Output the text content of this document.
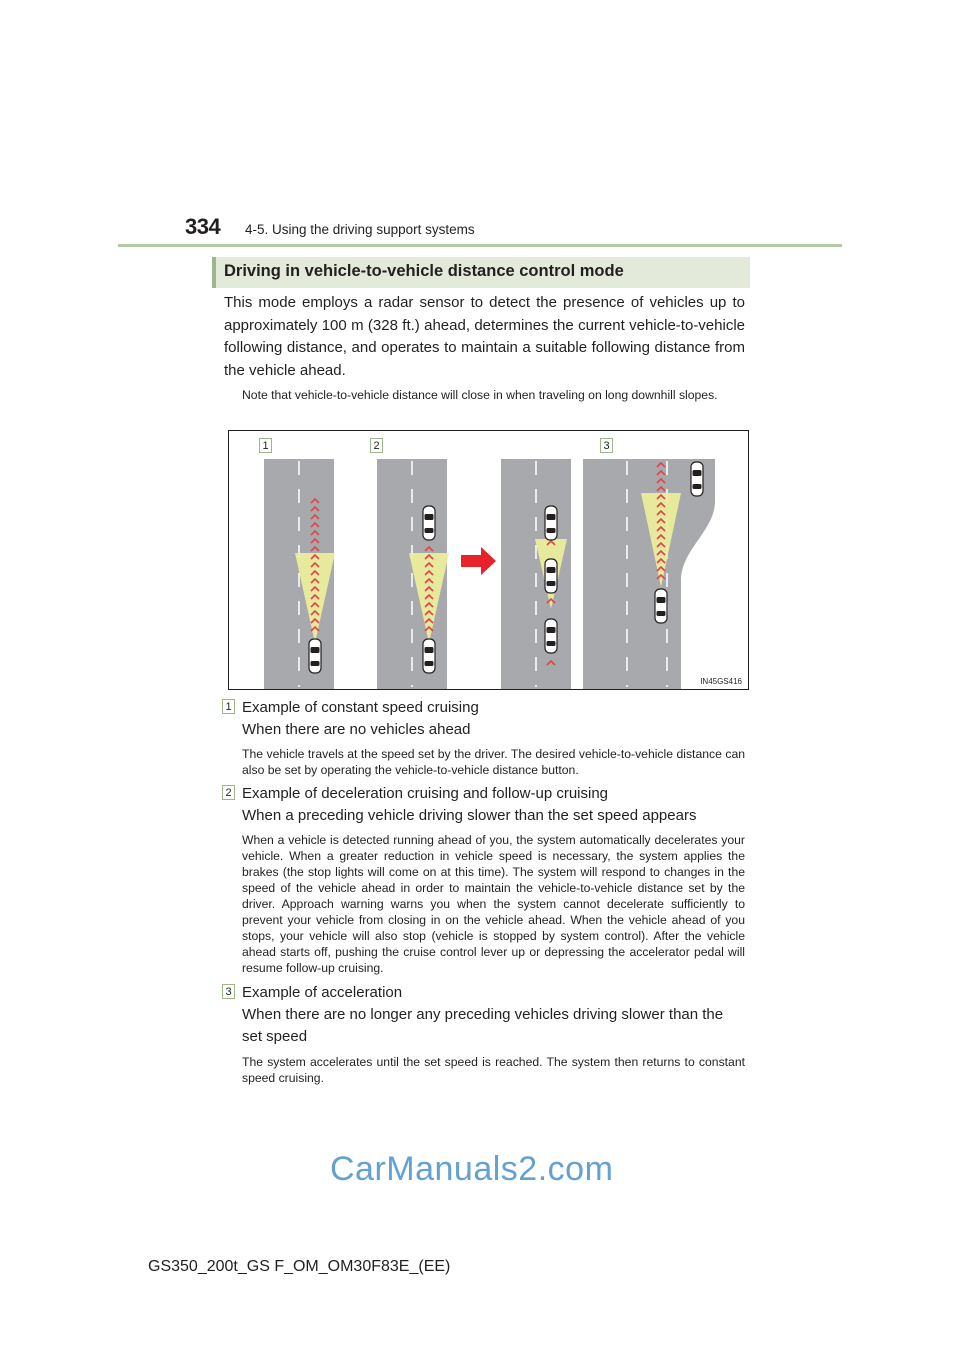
334 4-5. Using the driving support systems
Driving in vehicle-to-vehicle distance control mode
This mode employs a radar sensor to detect the presence of vehicles up to approximately 100 m (328 ft.) ahead, determines the current vehicle-to-vehicle following distance, and operates to maintain a suitable following distance from the vehicle ahead.
Note that vehicle-to-vehicle distance will close in when traveling on long downhill slopes.
1	2	3
IN45GS416
1 Example of constant speed cruising
When there are no vehicles ahead
The vehicle travels at the speed set by the driver. The desired vehicle-to-vehicle distance can also be set by operating the vehicle-to-vehicle distance button.
2 Example of deceleration cruising and follow-up cruising
When a preceding vehicle driving slower than the set speed appears
When a vehicle is detected running ahead of you, the system automatically decelerates your vehicle. When a greater reduction in vehicle speed is necessary, the system applies the brakes (the stop lights will come on at this time). The system will respond to changes in the speed of the vehicle ahead in order to maintain the vehicle-to-vehicle distance set by the driver. Approach warning warns you when the system cannot decelerate sufficiently to prevent your vehicle from closing in on the vehicle ahead. When the vehicle ahead of you stops, your vehicle will also stop (vehicle is stopped by system control). After the vehicle ahead starts off, pushing the cruise control lever up or depressing the accelerator pedal will resume follow-up cruising.
3 Example of acceleration
When there are no longer any preceding vehicles driving slower than the set speed
The system accelerates until the set speed is reached. The system then returns to constant speed cruising.
CarManuals2.com
GS350_200t_GS F_OM_OM30F83E_(EE)
